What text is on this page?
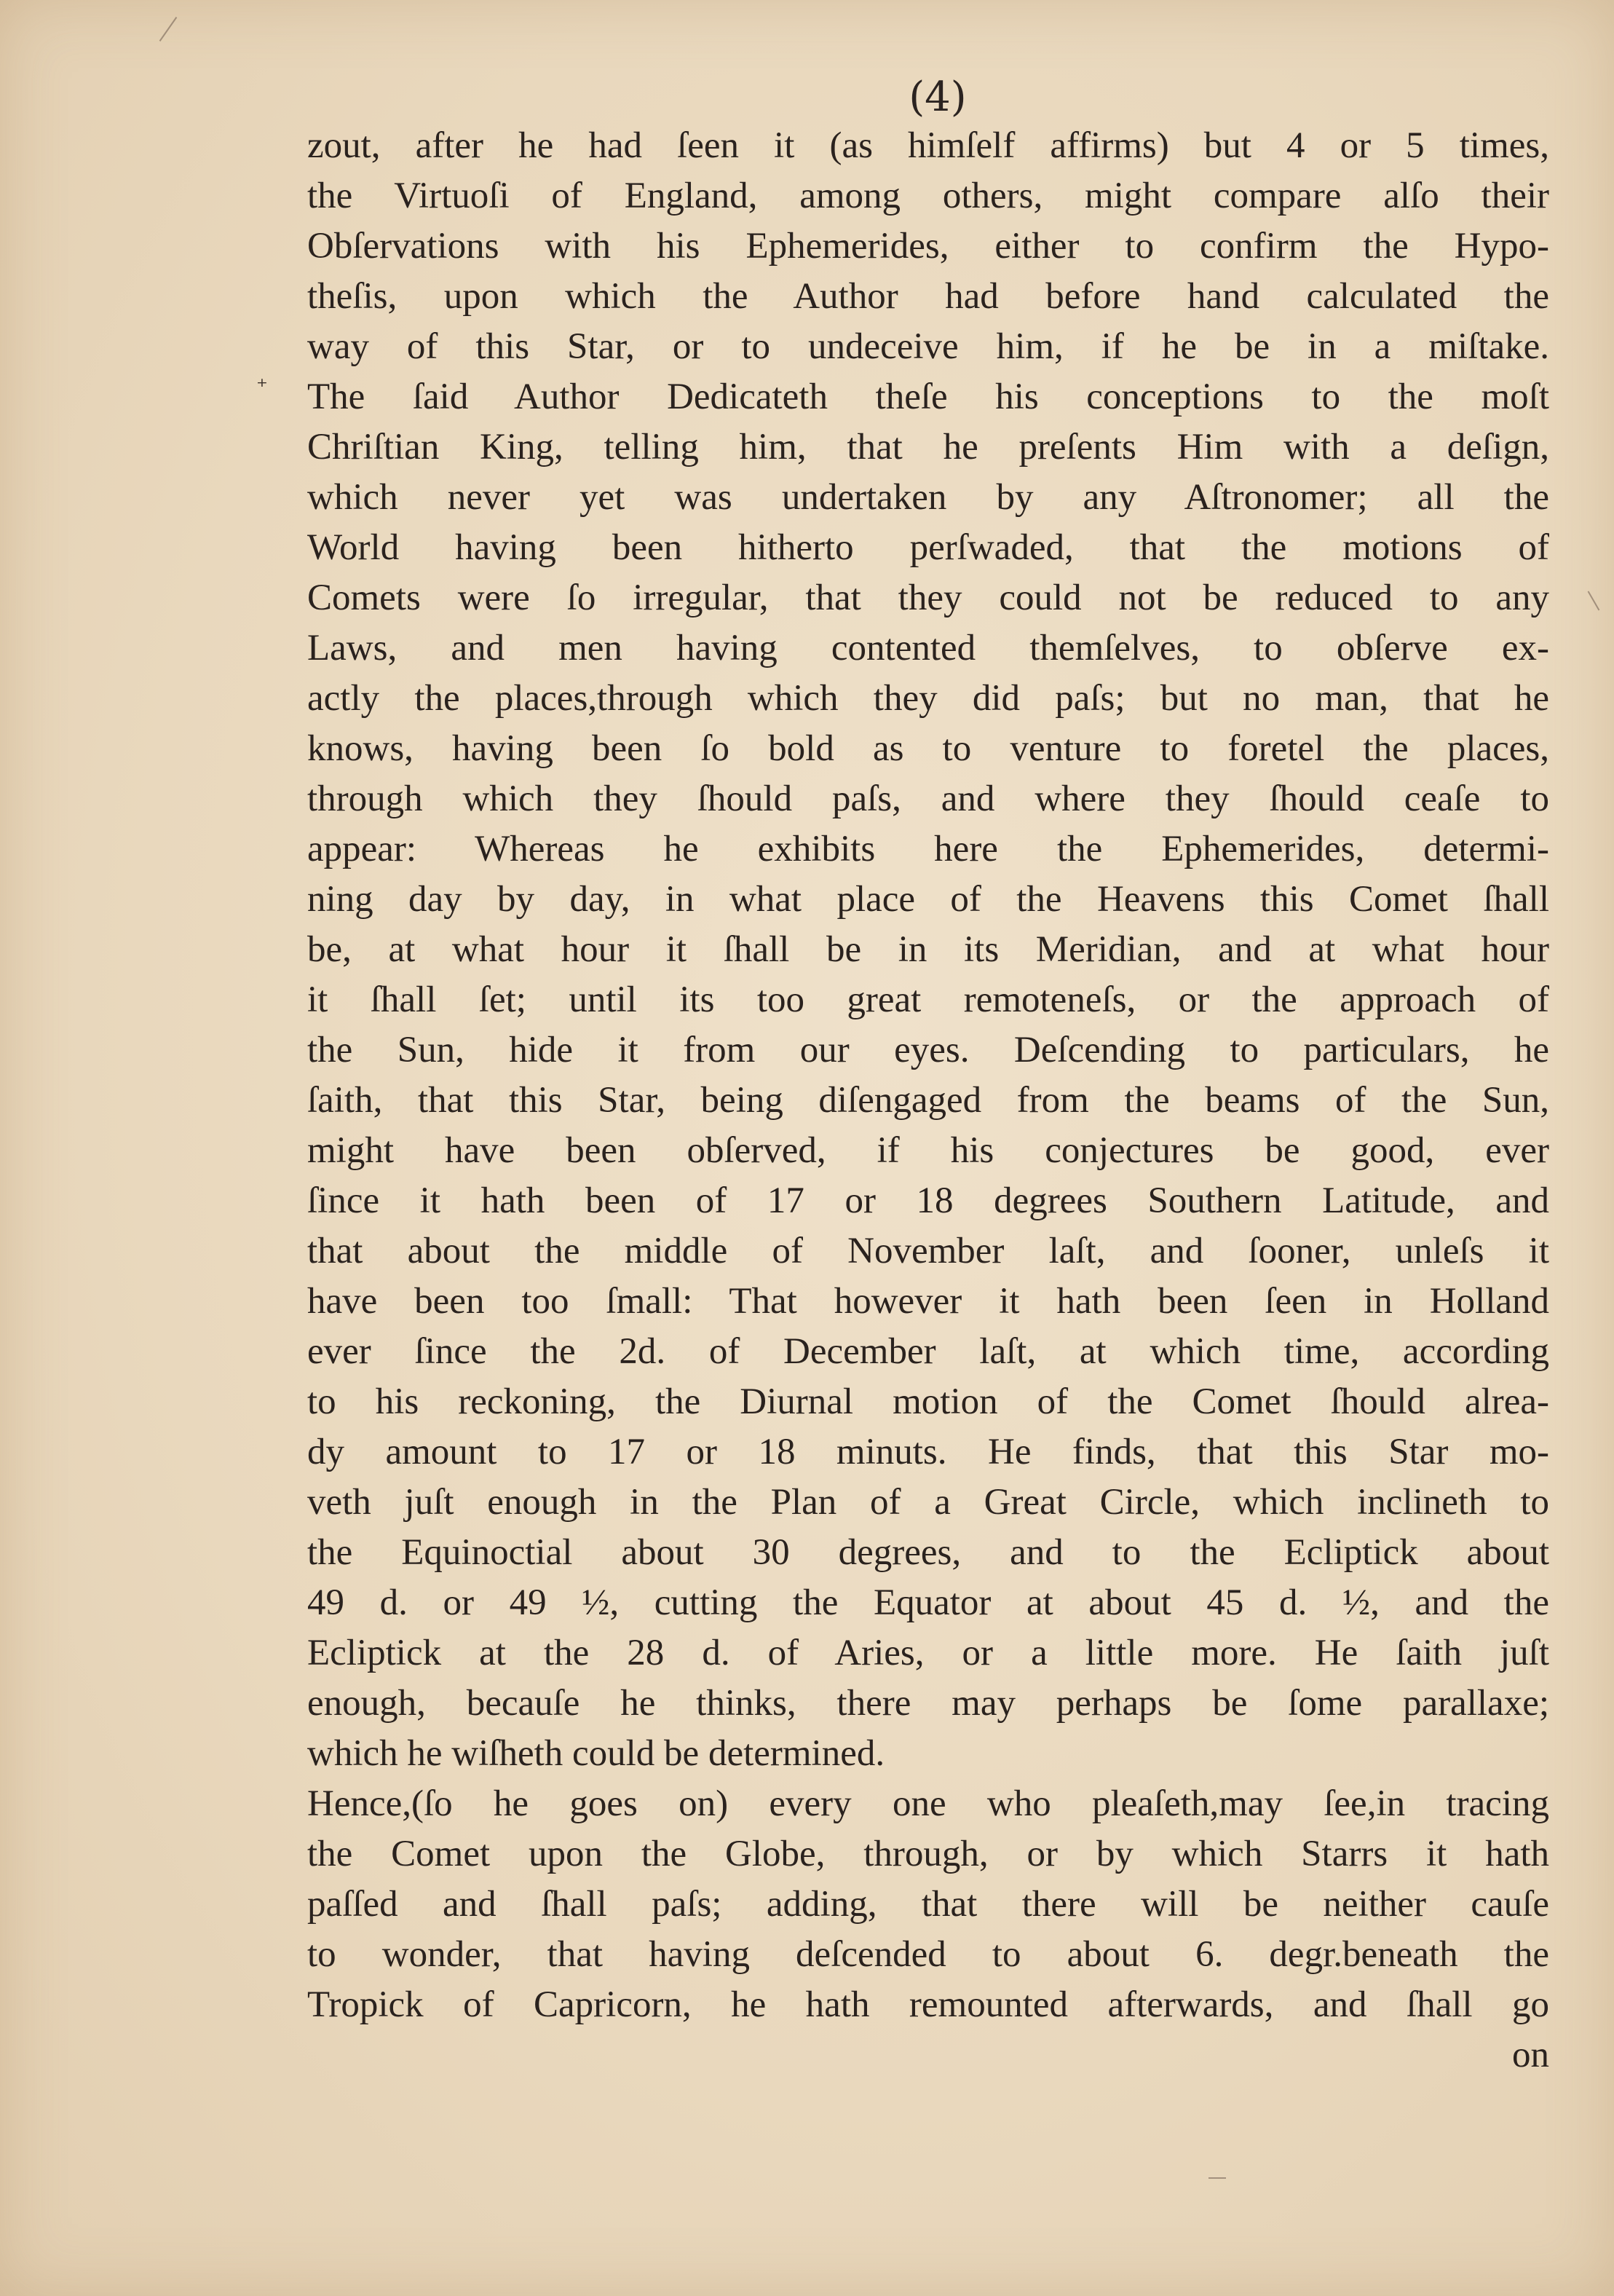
(4)
⁺
zout, after he had ſeen it (as himſelf affirms) but 4 or 5 times,
the Virtuoſi of England, among others, might compare alſo their
Obſervations with his Ephemerides, either to confirm the Hypo-
theſis, upon which the Author had before hand calculated the
way of this Star, or to undeceive him, if he be in a miſtake.
The ſaid Author Dedicateth theſe his conceptions to the moſt
Chriſtian King, telling him, that he preſents Him with a deſign,
which never yet was undertaken by any Aſtronomer; all the
World having been hitherto perſwaded, that the motions of
Comets were ſo irregular, that they could not be reduced to any
Laws, and men having contented themſelves, to obſerve ex-
actly the places,through which they did paſs; but no man, that he
knows, having been ſo bold as to venture to foretel the places,
through which they ſhould paſs, and where they ſhould ceaſe to
appear: Whereas he exhibits here the Ephemerides, determi-
ning day by day, in what place of the Heavens this Comet ſhall
be, at what hour it ſhall be in its Meridian, and at what hour
it ſhall ſet; until its too great remoteneſs, or the approach of
the Sun, hide it from our eyes. Deſcending to particulars, he
ſaith, that this Star, being diſengaged from the beams of the Sun,
might have been obſerved, if his conjectures be good, ever
ſince it hath been of 17 or 18 degrees Southern Latitude, and
that about the middle of November laſt, and ſooner, unleſs it
have been too ſmall: That however it hath been ſeen in Holland
ever ſince the 2d. of December laſt, at which time, according
to his reckoning, the Diurnal motion of the Comet ſhould alrea-
dy amount to 17 or 18 minuts. He finds, that this Star mo-
veth juſt enough in the Plan of a Great Circle, which inclineth to
the Equinoctial about 30 degrees, and to the Ecliptick about
49 d. or 49 ½, cutting the Equator at about 45 d. ½, and the
Ecliptick at the 28 d. of Aries, or a little more. He ſaith juſt
enough, becauſe he thinks, there may perhaps be ſome parallaxe;
which he wiſheth could be determined.
Hence,(ſo he goes on) every one who pleaſeth,may ſee,in tracing
the Comet upon the Globe, through, or by which Starrs it hath
paſſed and ſhall paſs; adding, that there will be neither cauſe
to wonder, that having deſcended to about 6. degr.beneath the
Tropick of Capricorn, he hath remounted afterwards, and ſhall go
on
